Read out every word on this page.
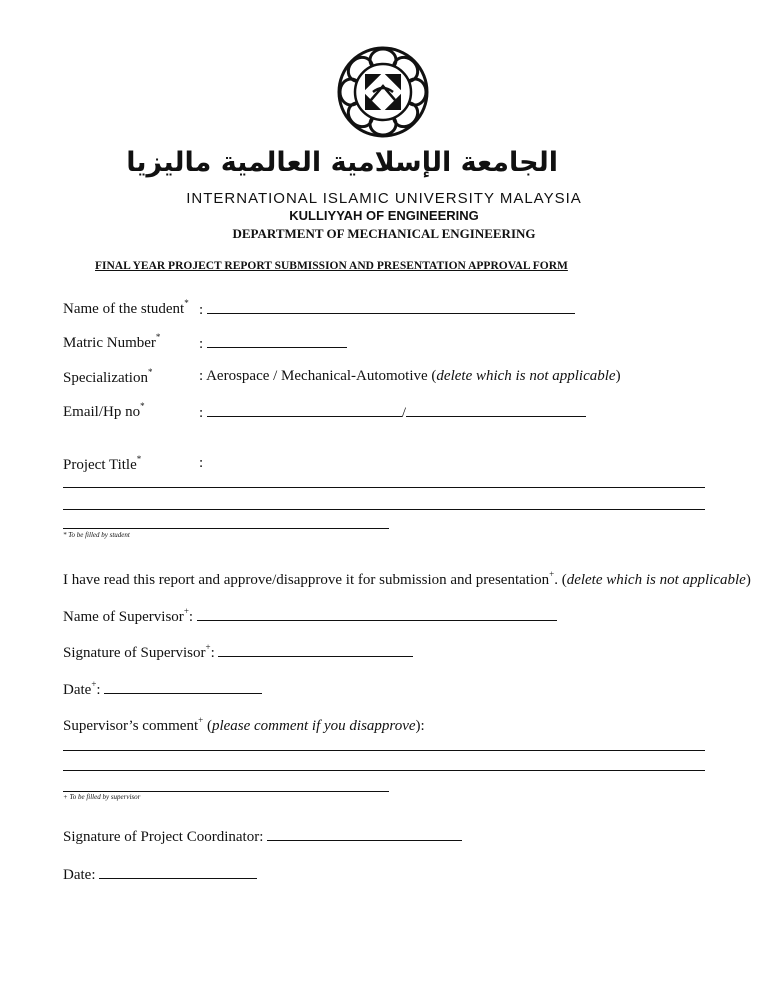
الجامعة الإسلامية العالمية ماليزيا
INTERNATIONAL ISLAMIC UNIVERSITY MALAYSIA
KULLIYYAH OF ENGINEERING
DEPARTMENT OF MECHANICAL ENGINEERING
FINAL YEAR PROJECT REPORT SUBMISSION AND PRESENTATION APPROVAL FORM
Name of the student* :
Matric Number*	:
Specialization*	: Aerospace / Mechanical-Automotive (delete which is not applicable)
Email/Hp no*	:	/
Project Title*	:
* To be filled by student
I have read this report and approve/disapprove it for submission and presentation+. (delete which is not applicable)
Name of Supervisor+:
Signature of Supervisor+:
Date+:
Supervisor’s comment+ (please comment if you disapprove):
+ To be filled by supervisor
Signature of Project Coordinator:
Date:
